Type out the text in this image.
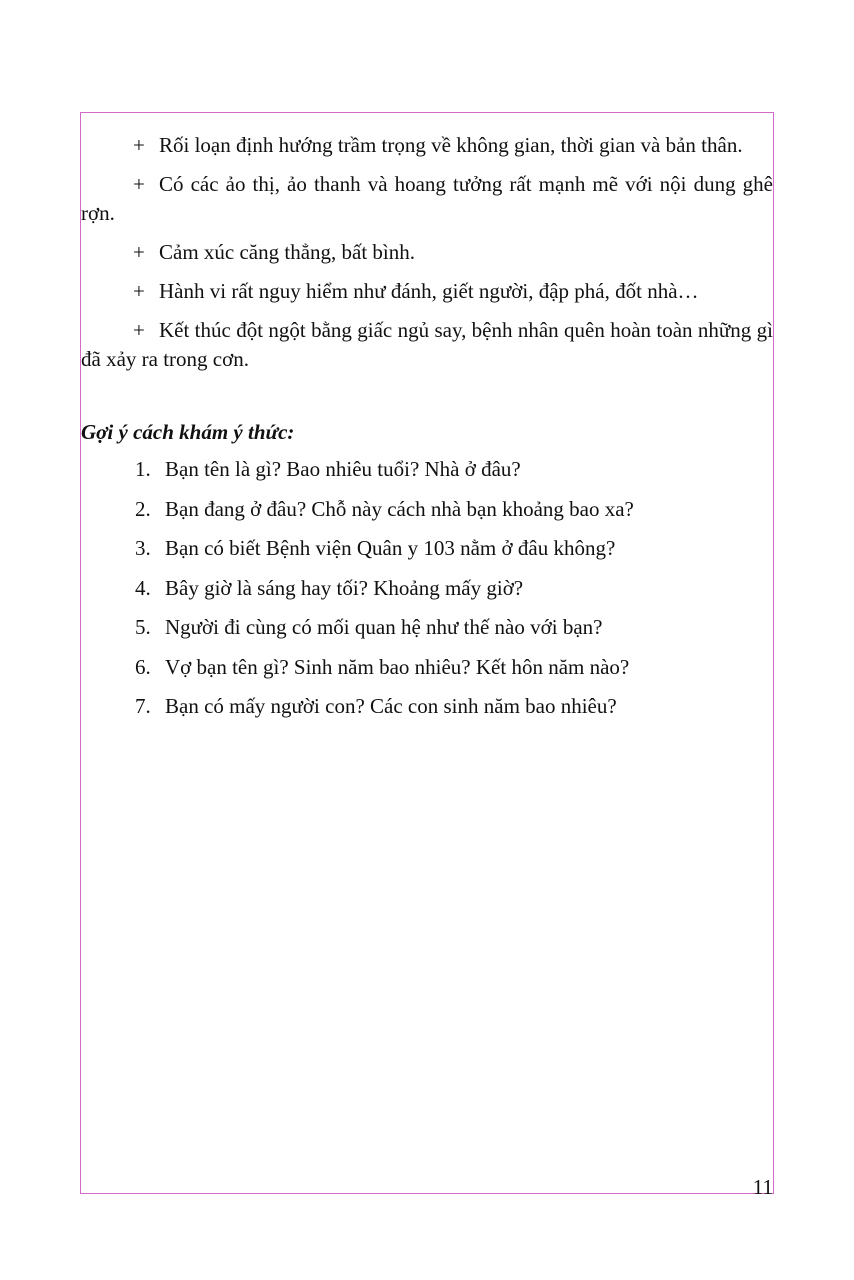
+ Rối loạn định hướng trầm trọng về không gian, thời gian và bản thân.

+ Có các ảo thị, ảo thanh và hoang tưởng rất mạnh mẽ với nội dung ghê rợn.

+ Cảm xúc căng thẳng, bất bình.

+ Hành vi rất nguy hiểm như đánh, giết người, đập phá, đốt nhà…

+ Kết thúc đột ngột bằng giấc ngủ say, bệnh nhân quên hoàn toàn những gì đã xảy ra trong cơn.

Gợi ý cách khám ý thức:

1. Bạn tên là gì? Bao nhiêu tuổi? Nhà ở đâu?
2. Bạn đang ở đâu? Chỗ này cách nhà bạn khoảng bao xa?
3. Bạn có biết Bệnh viện Quân y 103 nằm ở đâu không?
4. Bây giờ là sáng hay tối? Khoảng mấy giờ?
5. Người đi cùng có mối quan hệ như thế nào với bạn?
6. Vợ bạn tên gì? Sinh năm bao nhiêu? Kết hôn năm nào?
7. Bạn có mấy người con? Các con sinh năm bao nhiêu?
11
